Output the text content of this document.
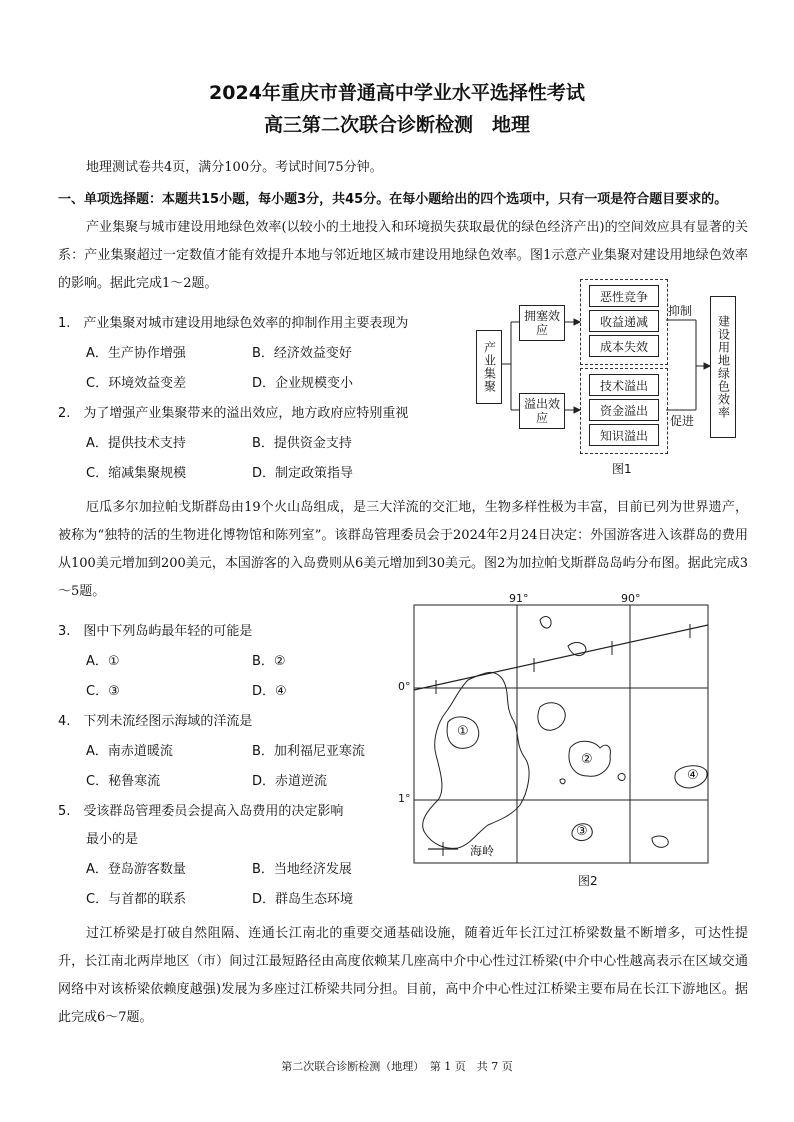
2024年重庆市普通高中学业水平选择性考试
高三第二次联合诊断检测　地理
地理测试卷共4页，满分100分。考试时间75分钟。
一、单项选择题：本题共15小题，每小题3分，共45分。在每小题给出的四个选项中，只有一项是符合题目要求的。
产业集聚与城市建设用地绿色效率(以较小的土地投入和环境损失获取最优的绿色经济产出)的空间效应具有显著的关系：产业集聚超过一定数值才能有效提升本地与邻近地区城市建设用地绿色效率。图1示意产业集聚对建设用地绿色效率的影响。据此完成1～2题。
1.　产业集聚对城市建设用地绿色效率的抑制作用主要表现为
A．生产协作增强	B．经济效益变好
C．环境效益变差	D．企业规模变小
2.　为了增强产业集聚带来的溢出效应，地方政府应特别重视
A．提供技术支持	B．提供资金支持
C．缩减集聚规模	D．制定政策指导
产业集聚
拥塞效应
溢出效应
恶性竞争
收益递减
成本失效
技术溢出
资金溢出
知识溢出
抑制
促进
建设用地绿色效率
图1
厄瓜多尔加拉帕戈斯群岛由19个火山岛组成，是三大洋流的交汇地，生物多样性极为丰富，目前已列为世界遗产，被称为“独特的活的生物进化博物馆和陈列室”。该群岛管理委员会于2024年2月24日决定：外国游客进入该群岛的费用从100美元增加到200美元，本国游客的入岛费则从6美元增加到30美元。图2为加拉帕戈斯群岛岛屿分布图。据此完成3～5题。
3.　图中下列岛屿最年轻的可能是
A．①	B．②
C．③	D．④
4.　下列未流经图示海域的洋流是
A．南赤道暖流	B．加利福尼亚寒流
C．秘鲁寒流	D．赤道逆流
5.　受该群岛管理委员会提高入岛费用的决定影响
最小的是
A．登岛游客数量	B．当地经济发展
C．与首都的联系	D．群岛生态环境
91°	90°
0°
1°
①
②
③
④
海岭
图2
过江桥梁是打破自然阻隔、连通长江南北的重要交通基础设施，随着近年长江过江桥梁数量不断增多，可达性提升，长江南北两岸地区（市）间过江最短路径由高度依赖某几座高中介中心性过江桥梁(中介中心性越高表示在区域交通网络中对该桥梁依赖度越强)发展为多座过江桥梁共同分担。目前，高中介中心性过江桥梁主要布局在长江下游地区。据此完成6～7题。
第二次联合诊断检测（地理）　第 1 页　共 7 页
